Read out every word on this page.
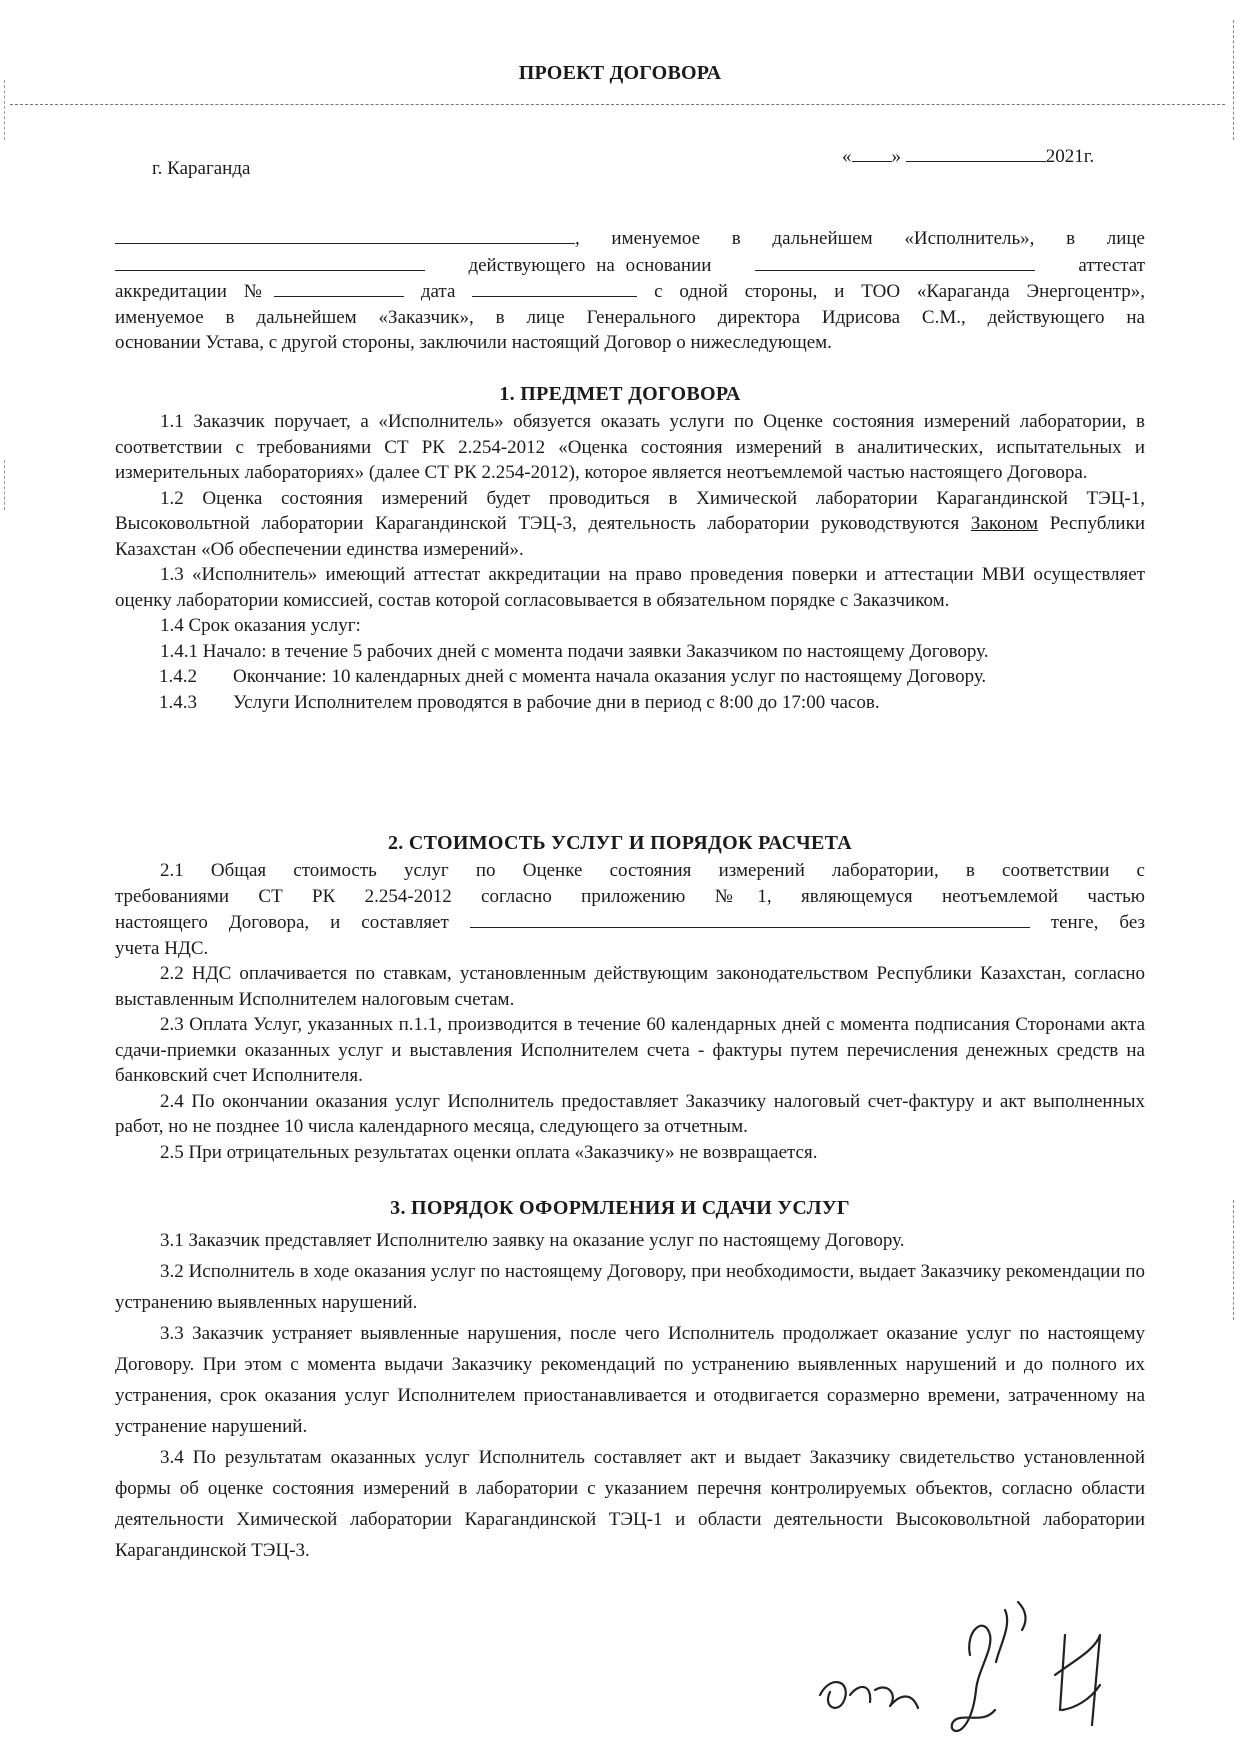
ПРОЕКТ ДОГОВОРА
г. Караганда
« »	2021г.
, именуемое в дальнейшем «Исполнитель», в лице
действующего на основании	аттестат
аккредитации №	дата	с одной стороны, и ТОО «Караганда Энергоцентр»,
именуемое в дальнейшем «Заказчик», в лице Генерального директора Идрисова С.М., действующего на
основании Устава, с другой стороны, заключили настоящий Договор о нижеследующем.
1. ПРЕДМЕТ ДОГОВОРА
1.1 Заказчик поручает, а «Исполнитель» обязуется оказать услуги по Оценке состояния измерений лаборатории, в соответствии с требованиями СТ РК 2.254-2012 «Оценка состояния измерений в аналитических, испытательных и измерительных лабораториях» (далее СТ РК 2.254-2012), которое является неотъемлемой частью настоящего Договора.
1.2 Оценка состояния измерений будет проводиться в Химической лаборатории Карагандинской ТЭЦ-1, Высоковольтной лаборатории Карагандинской ТЭЦ-3, деятельность лаборатории руководствуются Законом Республики Казахстан «Об обеспечении единства измерений».
1.3 «Исполнитель» имеющий аттестат аккредитации на право проведения поверки и аттестации МВИ осуществляет оценку лаборатории комиссией, состав которой согласовывается в обязательном порядке с Заказчиком.
1.4 Срок оказания услуг:
1.4.1 Начало: в течение 5 рабочих дней с момента подачи заявки Заказчиком по настоящему Договору.
1.4.2	Окончание: 10 календарных дней с момента начала оказания услуг по настоящему Договору.
1.4.3	Услуги Исполнителем проводятся в рабочие дни в период с 8:00 до 17:00 часов.
2. СТОИМОСТЬ УСЛУГ И ПОРЯДОК РАСЧЕТА
2.1 Общая стоимость услуг по Оценке состояния измерений лаборатории, в соответствии с
требованиями СТ РК 2.254-2012 согласно приложению №1, являющемуся неотъемлемой частью
настоящего Договора, и составляет	тенге, без
учета НДС.
2.2 НДС оплачивается по ставкам, установленным действующим законодательством Республики Казахстан, согласно выставленным Исполнителем налоговым счетам.
2.3 Оплата Услуг, указанных п.1.1, производится в течение 60 календарных дней с момента подписания Сторонами акта сдачи-приемки оказанных услуг и выставления Исполнителем счета - фактуры путем перечисления денежных средств на банковский счет Исполнителя.
2.4 По окончании оказания услуг Исполнитель предоставляет Заказчику налоговый счет-фактуру и акт выполненных работ, но не позднее 10 числа календарного месяца, следующего за отчетным.
2.5 При отрицательных результатах оценки оплата «Заказчику» не возвращается.
3. ПОРЯДОК ОФОРМЛЕНИЯ И СДАЧИ УСЛУГ
3.1 Заказчик представляет Исполнителю заявку на оказание услуг по настоящему Договору.
3.2 Исполнитель в ходе оказания услуг по настоящему Договору, при необходимости, выдает Заказчику рекомендации по устранению выявленных нарушений.
3.3 Заказчик устраняет выявленные нарушения, после чего Исполнитель продолжает оказание услуг по настоящему Договору. При этом с момента выдачи Заказчику рекомендаций по устранению выявленных нарушений и до полного их устранения, срок оказания услуг Исполнителем приостанавливается и отодвигается соразмерно времени, затраченному на устранение нарушений.
3.4 По результатам оказанных услуг Исполнитель составляет акт и выдает Заказчику свидетельство установленной формы об оценке состояния измерений в лаборатории с указанием перечня контролируемых объектов, согласно области деятельности Химической лаборатории Карагандинской ТЭЦ-1 и области деятельности Высоковольтной лаборатории Карагандинской ТЭЦ-3.
